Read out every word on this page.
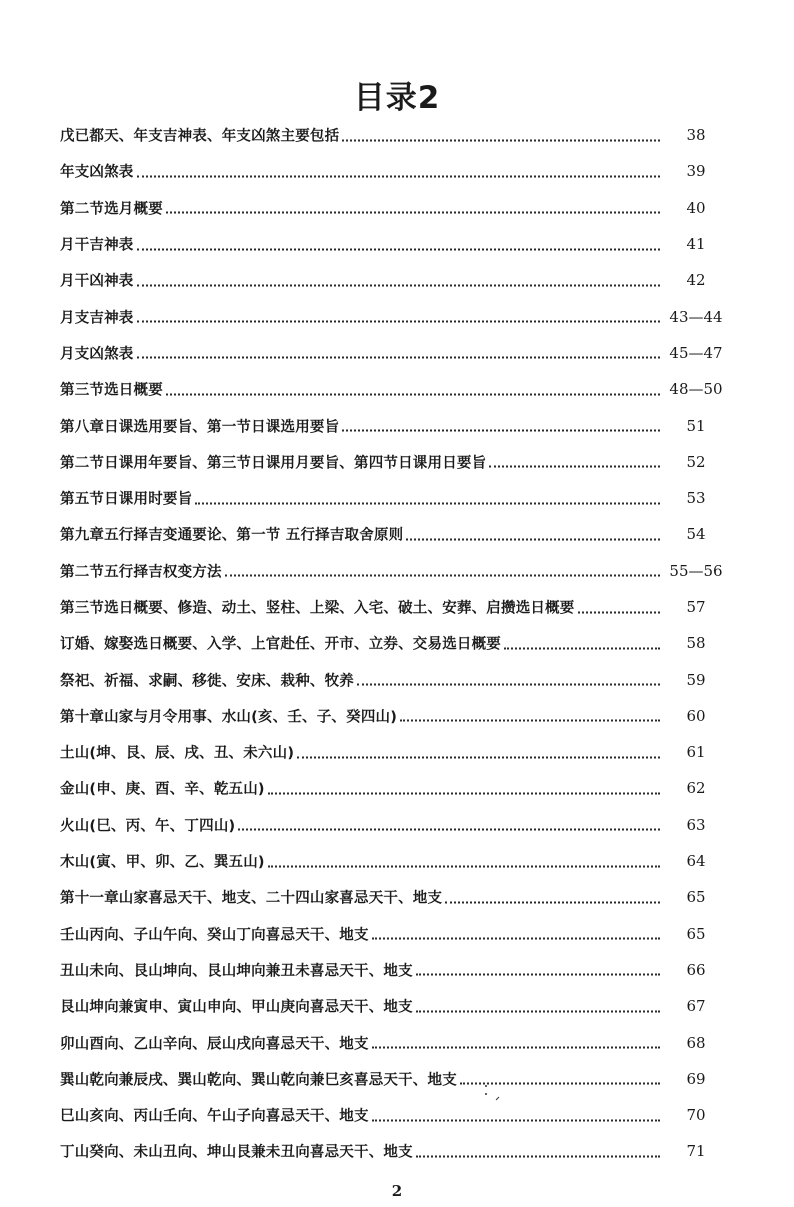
目录2
戊已都天、年支吉神表、年支凶煞主要包括	38
年支凶煞表	39
第二节选月概要	40
月干吉神表	41
月干凶神表	42
月支吉神表	43—44
月支凶煞表	45—47
第三节选日概要	48—50
第八章日课选用要旨、第一节日课选用要旨	51
第二节日课用年要旨、第三节日课用月要旨、第四节日课用日要旨	52
第五节日课用时要旨	53
第九章五行择吉变通要论、第一节 五行择吉取舍原则	54
第二节五行择吉权变方法	55—56
第三节选日概要、修造、动土、竖柱、上梁、入宅、破土、安葬、启攒选日概要	57
订婚、嫁娶选日概要、入学、上官赴任、开市、立券、交易选日概要	58
祭祀、祈福、求嗣、移徙、安床、栽种、牧养	59
第十章山家与月令用事、水山(亥、壬、子、癸四山)	60
土山(坤、艮、辰、戌、丑、未六山)	61
金山(申、庚、酉、辛、乾五山)	62
火山(巳、丙、午、丁四山)	63
木山(寅、甲、卯、乙、巽五山)	64
第十一章山家喜忌天干、地支、二十四山家喜忌天干、地支	65
壬山丙向、子山午向、癸山丁向喜忌天干、地支	65
丑山未向、艮山坤向、艮山坤向兼丑未喜忌天干、地支	66
艮山坤向兼寅申、寅山申向、甲山庚向喜忌天干、地支	67
卯山酉向、乙山辛向、辰山戌向喜忌天干、地支	68
巽山乾向兼辰戌、巽山乾向、巽山乾向兼巳亥喜忌天干、地支	69
巳山亥向、丙山壬向、午山子向喜忌天干、地支	70
丁山癸向、未山丑向、坤山艮兼未丑向喜忌天干、地支	71
2
